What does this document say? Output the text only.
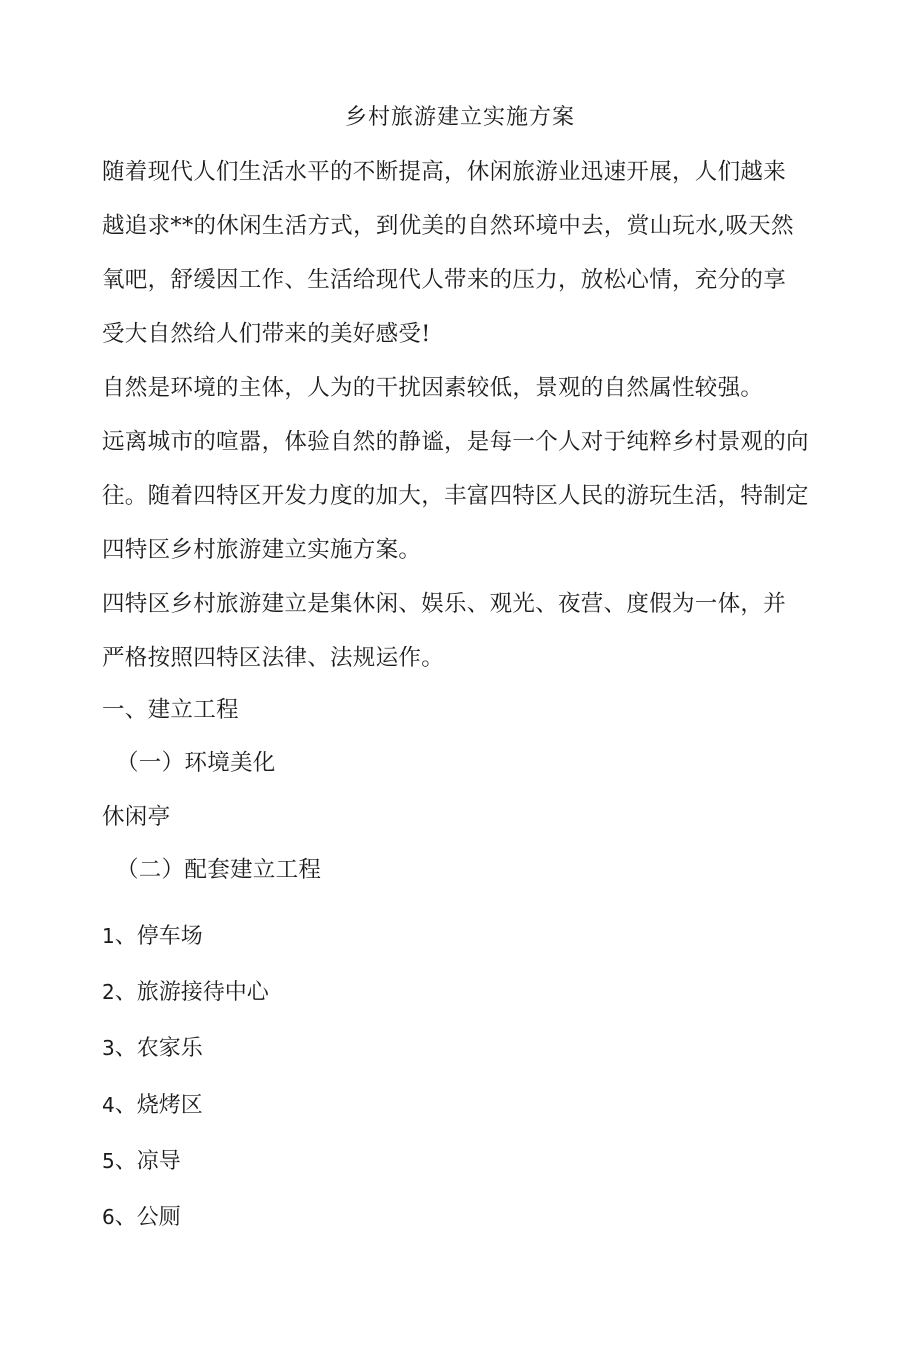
乡村旅游建立实施方案
随着现代人们生活水平的不断提高，休闲旅游业迅速开展，人们越来
越追求**的休闲生活方式，到优美的自然环境中去，赏山玩水,吸天然
氧吧，舒缓因工作、生活给现代人带来的压力，放松心情，充分的享
受大自然给人们带来的美好感受!
自然是环境的主体，人为的干扰因素较低，景观的自然属性较强。
远离城市的喧嚣，体验自然的静谧，是每一个人对于纯粹乡村景观的向
往。随着四特区开发力度的加大，丰富四特区人民的游玩生活，特制定
四特区乡村旅游建立实施方案。
四特区乡村旅游建立是集休闲、娱乐、观光、夜营、度假为一体，并
严格按照四特区法律、法规运作。
一、建立工程
（一）环境美化
休闲亭
（二）配套建立工程
1、停车场
2、旅游接待中心
3、农家乐
4、烧烤区
5、凉导
6、公厕
